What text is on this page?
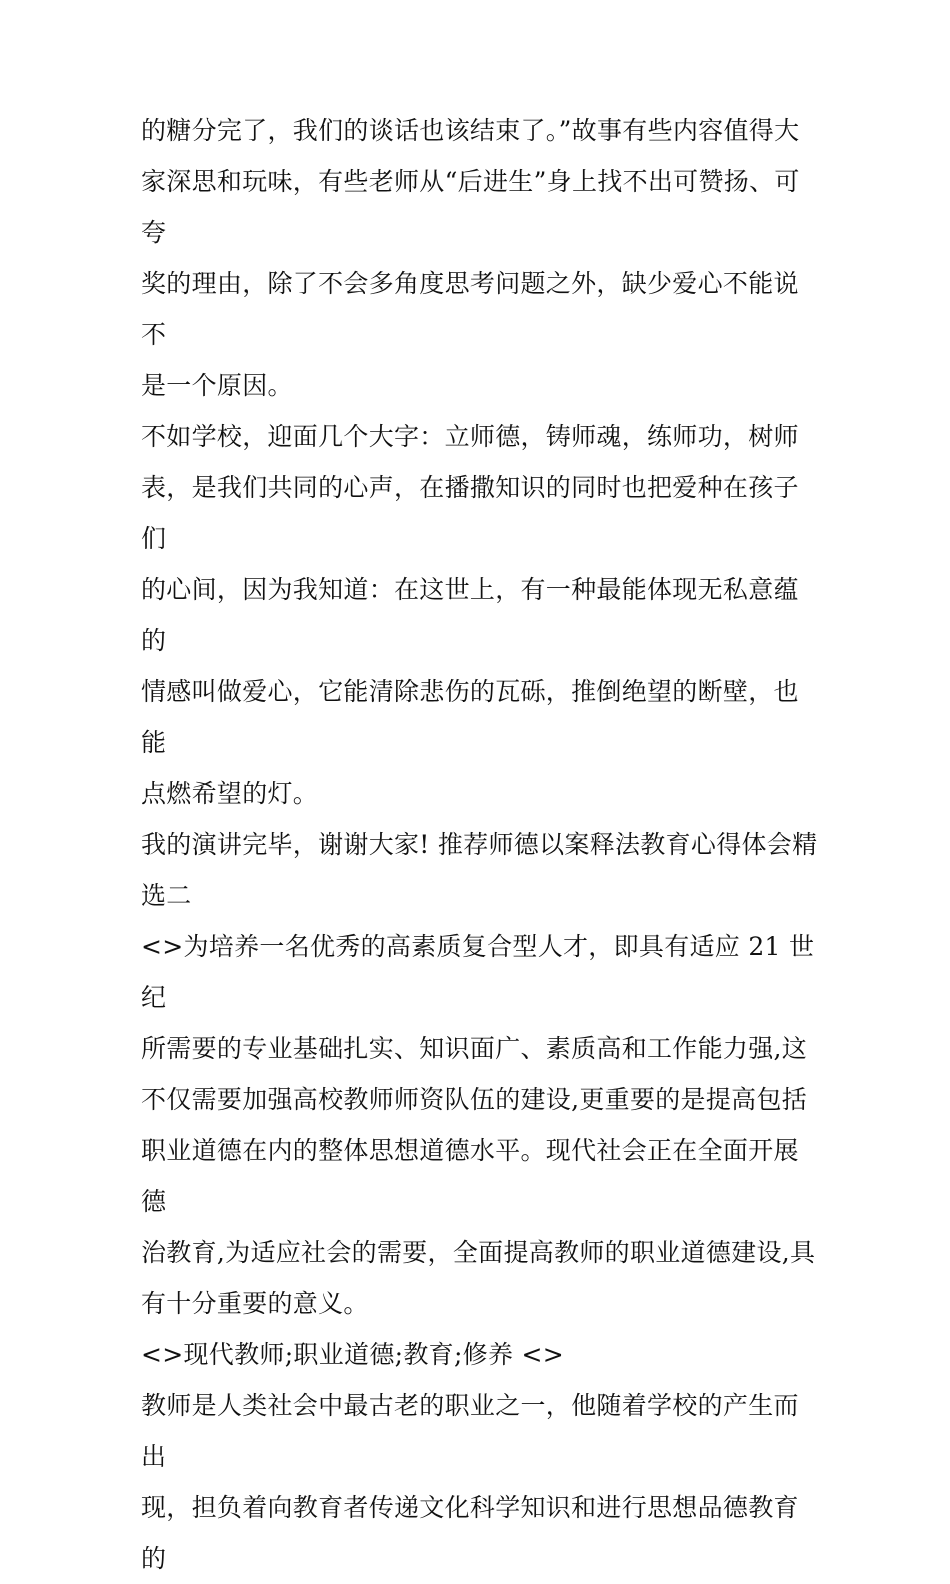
的糖分完了，我们的谈话也该结束了。”故事有些内容值得大
家深思和玩味，有些老师从“后进生”身上找不出可赞扬、可夸
奖的理由，除了不会多角度思考问题之外，缺少爱心不能说不
是一个原因。

不如学校，迎面几个大字：立师德，铸师魂，练师功，树师
表，是我们共同的心声，在播撒知识的同时也把爱种在孩子们
的心间，因为我知道：在这世上，有一种最能体现无私意蕴的
情感叫做爱心，它能清除悲伤的瓦砾，推倒绝望的断壁，也能
点燃希望的灯。

我的演讲完毕，谢谢大家! 推荐师德以案释法教育心得体会精
选二

<>为培养一名优秀的高素质复合型人才，即具有适应 21 世纪
所需要的专业基础扎实、知识面广、素质高和工作能力强,这
不仅需要加强高校教师师资队伍的建设,更重要的是提高包括
职业道德在内的整体思想道德水平。现代社会正在全面开展德
治教育,为适应社会的需要，全面提高教师的职业道德建设,具
有十分重要的意义。

<>现代教师;职业道德;教育;修养 <>

教师是人类社会中最古老的职业之一，他随着学校的产生而出
现，担负着向教育者传递文化科学知识和进行思想品德教育的
